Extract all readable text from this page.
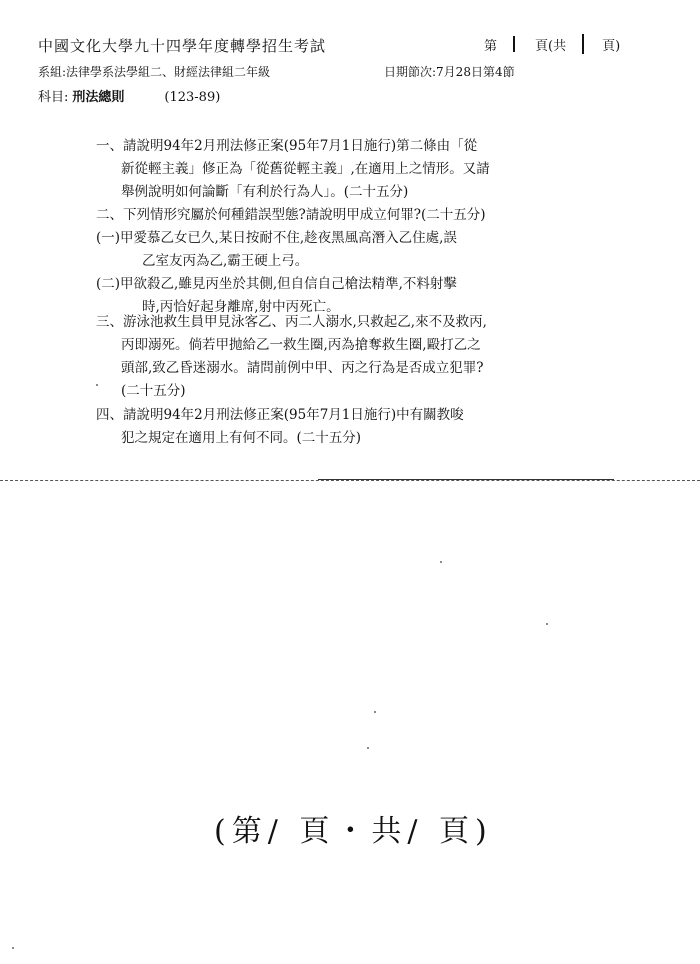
中國文化大學九十四學年度轉學招生考試	第	頁(共	頁)
系組:法律學系法學組二、財經法律組二年級	日期節次:7月28日第4節
科目: 刑法總則	(123-89)
一、請說明94年2月刑法修正案(95年7月1日施行)第二條由「從
新從輕主義」修正為「從舊從輕主義」,在適用上之情形。又請
舉例說明如何論斷「有利於行為人」。(二十五分)
二、下列情形究屬於何種錯誤型態?請說明甲成立何罪?(二十五分)
(一)甲愛慕乙女已久,某日按耐不住,趁夜黑風高潛入乙住處,誤
乙室友丙為乙,霸王硬上弓。
(二)甲欲殺乙,雖見丙坐於其側,但自信自己槍法精準,不料射擊
時,丙恰好起身離席,射中丙死亡。
三、游泳池救生員甲見泳客乙、丙二人溺水,只救起乙,來不及救丙,
丙即溺死。倘若甲抛給乙一救生圈,丙為搶奪救生圈,毆打乙之
頭部,致乙昏迷溺水。請問前例中甲、丙之行為是否成立犯罪?
(二十五分)
四、請說明94年2月刑法修正案(95年7月1日施行)中有關教唆
犯之規定在適用上有何不同。(二十五分)
(第/ 頁・共/ 頁)
